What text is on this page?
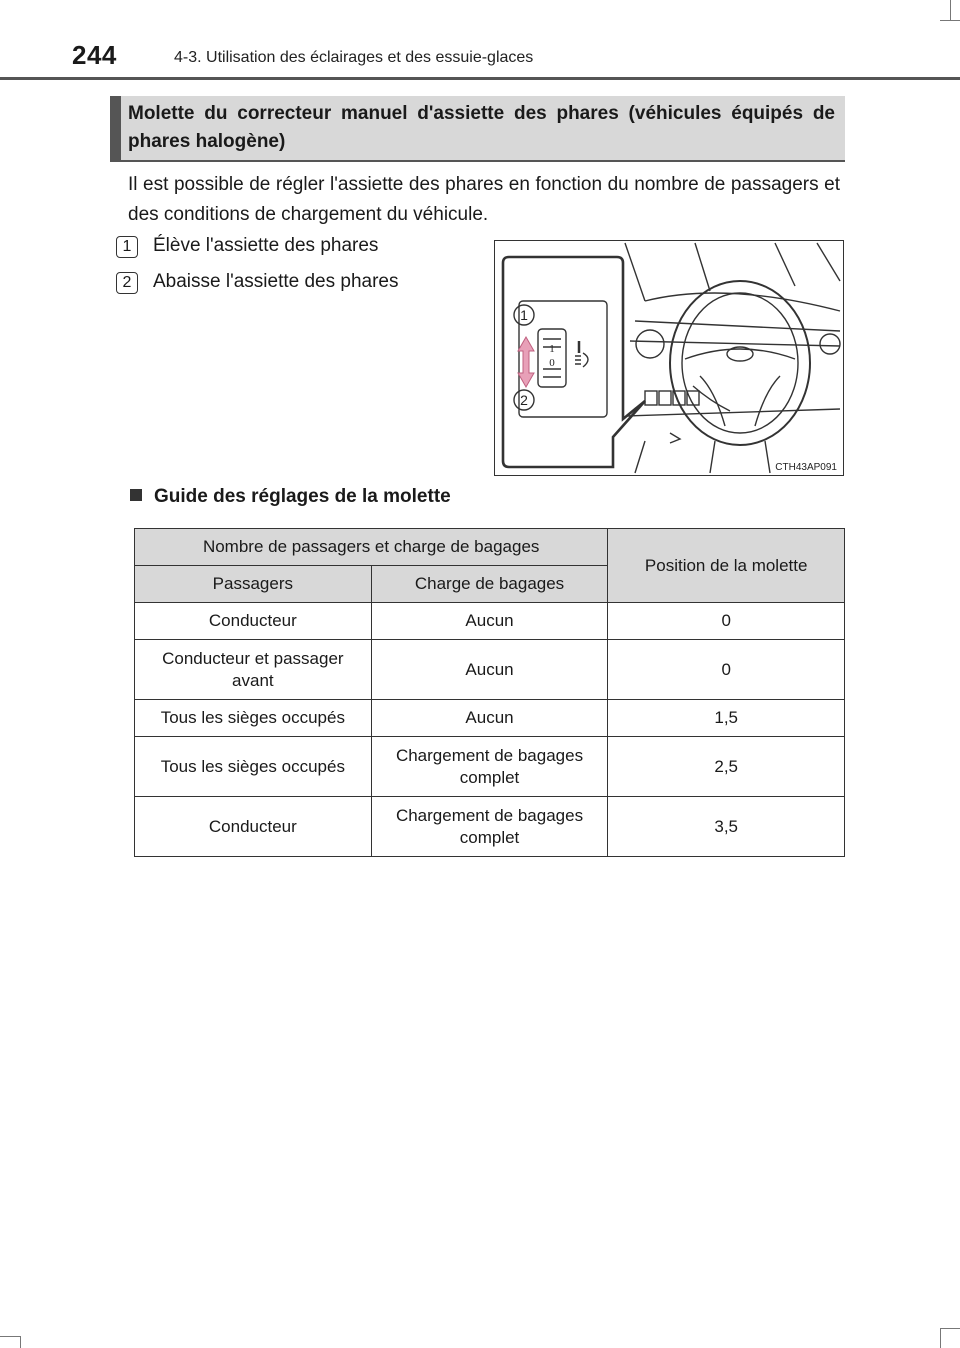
244	4-3. Utilisation des éclairages et des essuie-glaces
Molette du correcteur manuel d'assiette des phares (véhicules équipés de phares halogène)
Il est possible de régler l'assiette des phares en fonction du nombre de passagers et des conditions de chargement du véhicule.
1	Élève l'assiette des phares
2	Abaisse l'assiette des phares
1
2
1
0
CTH43AP091
Guide des réglages de la molette
Nombre de passagers et charge de bagages		Position de la molette
Passagers	Charge de bagages	
Conducteur	Aucun	0
Conducteur et passager avant	Aucun	0
Tous les sièges occupés	Aucun	1,5
Tous les sièges occupés	Chargement de bagages complet	2,5
Conducteur	Chargement de bagages complet	3,5
